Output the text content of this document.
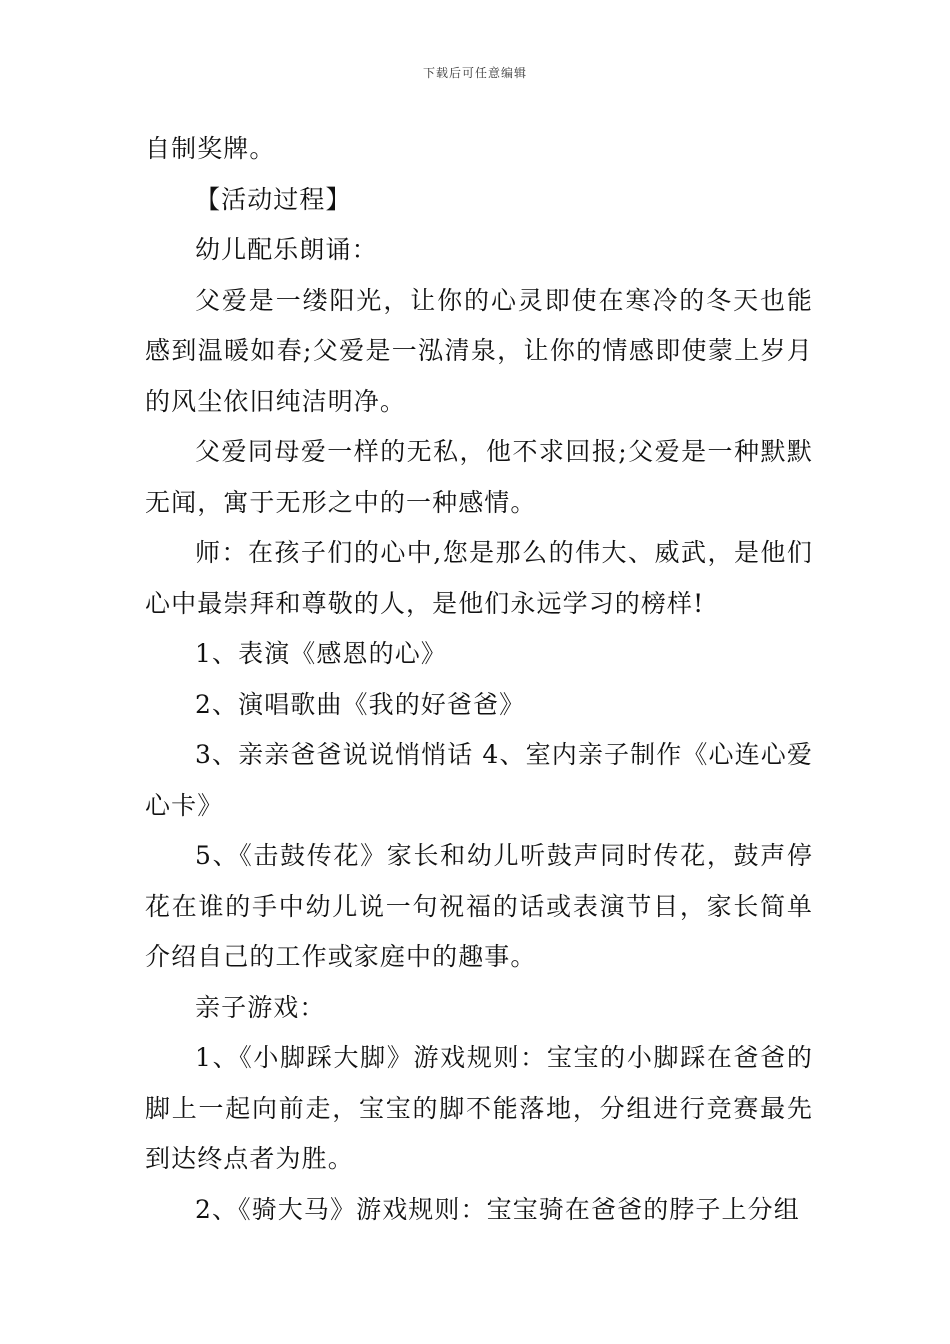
下载后可任意编辑

自制奖牌。

【活动过程】

幼儿配乐朗诵：

父爱是一缕阳光，让你的心灵即使在寒冷的冬天也能感到温暖如春;父爱是一泓清泉，让你的情感即使蒙上岁月的风尘依旧纯洁明净。

父爱同母爱一样的无私，他不求回报;父爱是一种默默无闻，寓于无形之中的一种感情。

师：在孩子们的心中,您是那么的伟大、威武，是他们心中最崇拜和尊敬的人，是他们永远学习的榜样!

1、表演《感恩的心》

2、演唱歌曲《我的好爸爸》

3、亲亲爸爸说说悄悄话 4、室内亲子制作《心连心爱心卡》

5、《击鼓传花》家长和幼儿听鼓声同时传花，鼓声停花在谁的手中幼儿说一句祝福的话或表演节目，家长简单介绍自己的工作或家庭中的趣事。

亲子游戏：

1、《小脚踩大脚》游戏规则：宝宝的小脚踩在爸爸的脚上一起向前走，宝宝的脚不能落地，分组进行竞赛最先到达终点者为胜。

2、《骑大马》游戏规则：宝宝骑在爸爸的脖子上分组
